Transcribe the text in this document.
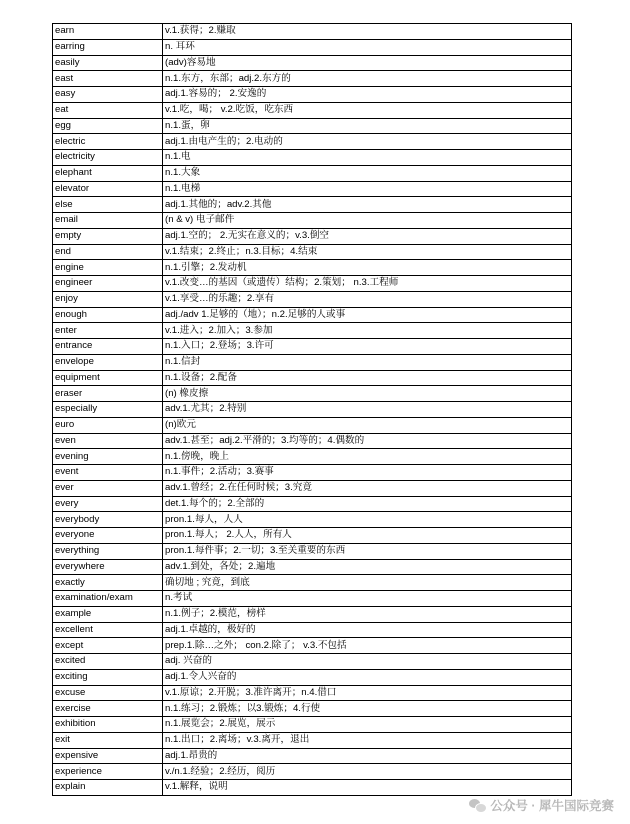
earn	v.1.获得；2.赚取
earring	n. 耳环
easily	(adv)容易地
east	n.1.东方，东部；adj.2.东方的
easy	adj.1.容易的； 2.安逸的
eat	v.1.吃，喝； v.2.吃饭，吃东西
egg	n.1.蛋，卵
electric	adj.1.由电产生的；2.电动的
electricity	n.1.电
elephant	n.1.大象
elevator	n.1.电梯
else	adj.1.其他的；adv.2.其他
email	(n & v) 电子邮件
empty	adj.1.空的； 2.无实在意义的；v.3.倒空
end	v.1.结束；2.终止；n.3.目标；4.结束
engine	n.1.引擎；2.发动机
engineer	v.1.改变…的基因（或遗传）结构；2.策划； n.3.工程师
enjoy	v.1.享受…的乐趣；2.享有
enough	adj./adv 1.足够的（地）；n.2.足够的人或事
enter	v.1.进入；2.加入；3.参加
entrance	n.1.入口；2.登场；3.许可
envelope	n.1.信封
equipment	n.1.设备；2.配备
eraser	(n) 橡皮擦
especially	adv.1.尤其；2.特别
euro	(n)欧元
even	adv.1.甚至；adj.2.平滑的；3.均等的；4.偶数的
evening	n.1.傍晚，晚上
event	n.1.事件；2.活动；3.赛事
ever	adv.1.曾经；2.在任何时候；3.究竟
every	det.1.每个的；2.全部的
everybody	pron.1.每人，人人
everyone	pron.1.每人； 2.人人，所有人
everything	pron.1.每件事；2.一切；3.至关重要的东西
everywhere	adv.1.到处，各处；2.遍地
exactly	确切地 ; 究竟，到底
examination/exam	n.考试
example	n.1.例子；2.模范，榜样
excellent	adj.1.卓越的，极好的
except	prep.1.除…之外； con.2.除了； v.3.不包括
excited	adj. 兴奋的
exciting	adj.1.令人兴奋的
excuse	v.1.原谅；2.开脱；3.准许离开；n.4.借口
exercise	n.1.练习；2.锻炼；以3.锻炼；4.行使
exhibition	n.1.展览会；2.展览，展示
exit	n.1.出口；2.离场；v.3.离开，退出
expensive	adj.1.昂贵的
experience	v./n.1.经验；2.经历，阅历
explain	v.1.解释，说明
公众号 · 犀牛国际竞赛
